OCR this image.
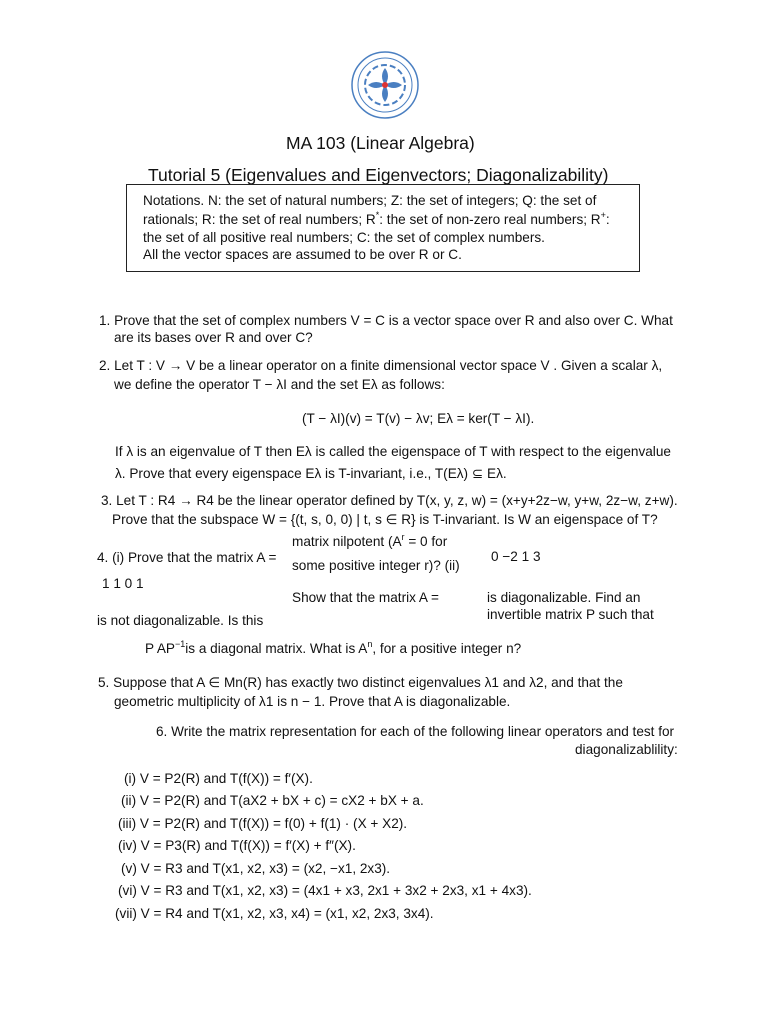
MA 103 (Linear Algebra)
Tutorial 5 (Eigenvalues and Eigenvectors; Diagonalizability)
Notations. N: the set of natural numbers; Z: the set of integers; Q: the set of
rationals; R: the set of real numbers; R*: the set of non-zero real numbers; R+:
the set of all positive real numbers; C: the set of complex numbers.
All the vector spaces are assumed to be over R or C.
1. Prove that the set of complex numbers V = C is a vector space over R and also over C. What
are its bases over R and over C?
2. Let T : V → V be a linear operator on a finite dimensional vector space V . Given a scalar λ,
we define the operator T − λI and the set Eλ as follows:
(T − λI)(v) = T(v) − λv; Eλ = ker(T − λI).
If λ is an eigenvalue of T then Eλ is called the eigenspace of T with respect to the eigenvalue
λ. Prove that every eigenspace Eλ is T-invariant, i.e., T(Eλ) ⊆ Eλ.
3. Let T : R4 → R4 be the linear operator defined by T(x, y, z, w) = (x+y+2z−w, y+w, 2z−w, z+w).
Prove that the subspace W = {(t, s, 0, 0) | t, s ∈ R} is T-invariant. Is W an eigenspace of T?
4. (i) Prove that the matrix A =
1 1 0 1
matrix nilpotent ($A^r = 0$ for
some positive integer r)? (ii)
Show that the matrix A =
0 −2 1 3
is diagonalizable. Find an
invertible matrix P such that
is not diagonalizable. Is this
P $AP^{-1}is$ a diagonal matrix. What is $A^n$, for a positive integer n?
5. Suppose that A ∈ Mn(R) has exactly two distinct eigenvalues λ1 and λ2, and that the
geometric multiplicity of λ1 is n − 1. Prove that A is diagonalizable.
6. Write the matrix representation for each of the following linear operators and test for
diagonalizablility:
(i) V = P2(R) and T(f(X)) = f′(X).
(ii) V = P2(R) and T(aX2 + bX + c) = cX2 + bX + a.
(iii) V = P2(R) and T(f(X)) = f(0) + f(1) · (X + X2).
(iv) V = P3(R) and T(f(X)) = f′(X) + f″(X).
(v) V = R3 and T(x1, x2, x3) = (x2, −x1, 2x3).
(vi) V = R3 and T(x1, x2, x3) = (4x1 + x3, 2x1 + 3x2 + 2x3, x1 + 4x3).
(vii) V = R4 and T(x1, x2, x3, x4) = (x1, x2, 2x3, 3x4).
